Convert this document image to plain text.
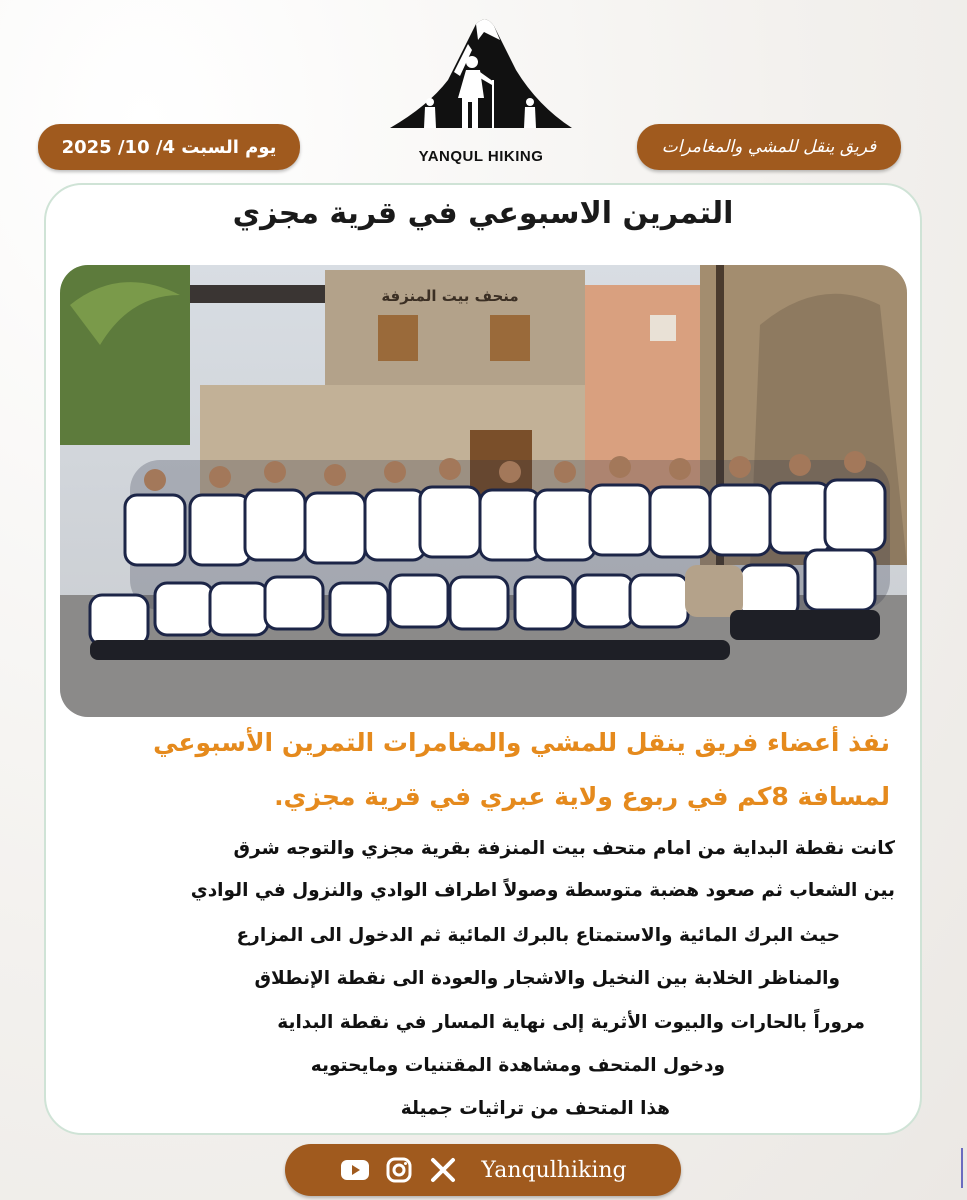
YANQUL HIKING
يوم السبت 4/ 10/ 2025	فريق ينقل للمشي والمغامرات
التمرين الاسبوعي في قرية مجزي
منحف بيت المنزفة
نفذ أعضاء فريق ينقل للمشي والمغامرات التمرين الأسبوعي
لمسافة 8كم في ربوع ولاية عبري في قرية مجزي.
كانت نقطة البداية من امام متحف بيت المنزفة بقرية مجزي والتوجه شرق
بين الشعاب ثم صعود هضبة متوسطة وصولاً اطراف الوادي والنزول في الوادي
حيث البرك المائية والاستمتاع بالبرك المائية ثم الدخول الى المزارع
والمناظر الخلابة بين النخيل والاشجار والعودة الى نقطة الإنطلاق
مروراً بالحارات والبيوت الأثرية إلى نهاية المسار في نقطة البداية
ودخول المتحف ومشاهدة المقتنيات ومايحتويه
هذا المتحف من تراثيات جميلة
Yanqulhiking
